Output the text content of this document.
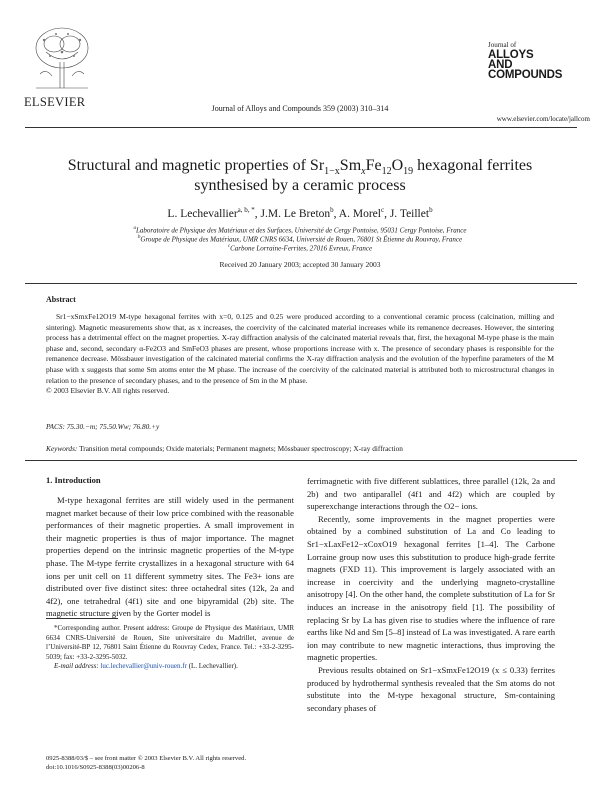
ELSEVIER	Journal of Alloys and Compounds 359 (2003) 310–314
Journal of
ALLOYS
AND COMPOUNDS
www.elsevier.com/locate/jallcom
Structural and magnetic properties of $Sr_{1-x}Sm_xFe_{12}O_{19}$ hexagonal ferrites
synthesised by a ceramic process
L. Lechevallier$^{a, b, *}$, J.M. Le Breton$^b$, A. Morel$^c$, J. Teillet$^b$
$^a$Laboratoire de Physique des Matériaux et des Surfaces, Université de Cergy Pontoise, 95031 Cergy Pontoise, France
$^b$Groupe de Physique des Matériaux, UMR CNRS 6634, Université de Rouen, 76801 St Étienne du Rouvray, France
$^c$Carbone Lorraine-Ferrites, 27016 Evreux, France
Received 20 January 2003; accepted 30 January 2003
Abstract

Sr1−xSmxFe12O19 M-type hexagonal ferrites with x=0, 0.125 and 0.25 were produced according to a conventional ceramic process (calcination, milling and sintering). Magnetic measurements show that, as x increases, the coercivity of the calcinated material increases while its remanence decreases. However, the sintering process has a detrimental effect on the magnet properties. X-ray diffraction analysis of the calcinated material reveals that, first, the hexagonal M-type phase is the main phase and, second, secondary α-Fe2O3 and SmFeO3 phases are present, whose proportions increase with x. The presence of secondary phases is responsible for the remanence decrease. Mössbauer investigation of the calcinated material confirms the X-ray diffraction analysis and the evolution of the hyperfine parameters of the M phase with x suggests that some Sm atoms enter the M phase. The increase of the coercivity of the calcinated material is attributed both to microstructural changes in relation to the presence of secondary phases, and to the presence of Sm in the M phase.

© 2003 Elsevier B.V. All rights reserved.
PACS: 75.30.−m; 75.50.Ww; 76.80.+y
Keywords: Transition metal compounds; Oxide materials; Permanent magnets; Mössbauer spectroscopy; X-ray diffraction
1. Introduction

M-type hexagonal ferrites are still widely used in the permanent magnet market because of their low price combined with the reasonable performances of their magnetic properties. A small improvement in their magnetic properties is thus of major importance. The magnet properties depend on the intrinsic magnetic properties of the M-type phase. The M-type ferrite crystallizes in a hexagonal structure with 64 ions per unit cell on 11 different symmetry sites. The Fe3+ ions are distributed over five distinct sites: three octahedral sites (12k, 2a and 4f2), one tetrahedral (4f1) site and one bipyramidal (2b) site. The magnetic structure given by the Gorter model is

ferrimagnetic with five different sublattices, three parallel (12k, 2a and 2b) and two antiparallel (4f1 and 4f2) which are coupled by superexchange interactions through the O2− ions.

Recently, some improvements in the magnet properties were obtained by a combined substitution of La and Co leading to Sr1−xLaxFe12−xCoxO19 hexagonal ferrites [1–4]. The Carbone Lorraine group now uses this substitution to produce high-grade ferrite magnets (FXD 11). This improvement is largely associated with an increase in coercivity and the underlying magneto-crystalline anisotropy [4]. On the other hand, the complete substitution of La for Sr induces an increase in the anisotropy field [1]. The possibility of replacing Sr by La has given rise to studies where the influence of rare earths like Nd and Sm [5–8] instead of La was investigated. A rare earth ion may contribute to new magnetic interactions, thus improving the magnetic properties.

Previous results obtained on Sr1−xSmxFe12O19 (x ≤ 0.33) ferrites produced by hydrothermal synthesis revealed that the Sm atoms do not substitute into the M-type hexagonal structure, Sm-containing secondary phases of

*Corresponding author. Present address: Groupe de Physique des Matériaux, UMR 6634 CNRS-Université de Rouen, Site universitaire du Madrillet, avenue de l’Université-BP 12, 76801 Saint Étienne du Rouvray Cedex, France. Tel.: +33-2-3295-5039; fax: +33-2-3295-5032.

E-mail address: luc.lechevallier@univ-rouen.fr (L. Lechevallier).
0925-8388/03/$ – see front matter © 2003 Elsevier B.V. All rights reserved.
doi:10.1016/S0925-8388(03)00206-8
